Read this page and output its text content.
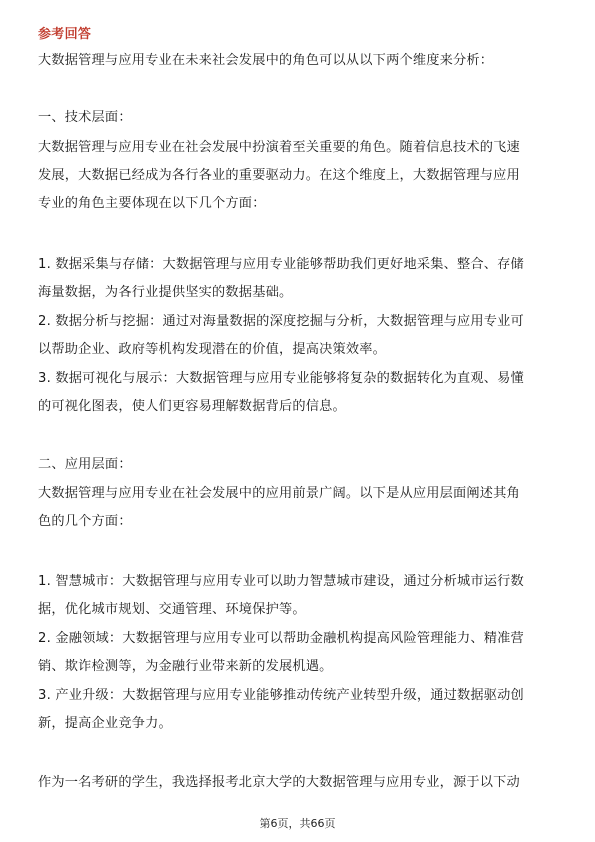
参考回答
大数据管理与应用专业在未来社会发展中的角色可以从以下两个维度来分析：
一、技术层面：
大数据管理与应用专业在社会发展中扮演着至关重要的角色。随着信息技术的飞速
发展，大数据已经成为各行各业的重要驱动力。在这个维度上，大数据管理与应用
专业的角色主要体现在以下几个方面：
1. 数据采集与存储：大数据管理与应用专业能够帮助我们更好地采集、整合、存储
海量数据，为各行业提供坚实的数据基础。
2. 数据分析与挖掘：通过对海量数据的深度挖掘与分析，大数据管理与应用专业可
以帮助企业、政府等机构发现潜在的价值，提高决策效率。
3. 数据可视化与展示：大数据管理与应用专业能够将复杂的数据转化为直观、易懂
的可视化图表，使人们更容易理解数据背后的信息。
二、应用层面：
大数据管理与应用专业在社会发展中的应用前景广阔。以下是从应用层面阐述其角
色的几个方面：
1. 智慧城市：大数据管理与应用专业可以助力智慧城市建设，通过分析城市运行数
据，优化城市规划、交通管理、环境保护等。
2. 金融领域：大数据管理与应用专业可以帮助金融机构提高风险管理能力、精准营
销、欺诈检测等，为金融行业带来新的发展机遇。
3. 产业升级：大数据管理与应用专业能够推动传统产业转型升级，通过数据驱动创
新，提高企业竞争力。
作为一名考研的学生，我选择报考北京大学的大数据管理与应用专业，源于以下动
第6页，共66页
